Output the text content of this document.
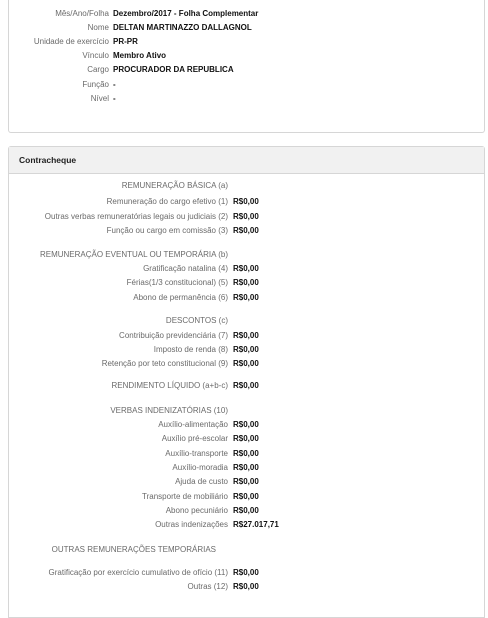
Mês/Ano/Folha Dezembro/2017 - Folha Complementar
Nome DELTAN MARTINAZZO DALLAGNOL
Unidade de exercício PR-PR
Vínculo Membro Ativo
Cargo PROCURADOR DA REPUBLICA
Função -
Nível -
Contracheque
REMUNERAÇÃO BÁSICA (a)
Remuneração do cargo efetivo (1) R$0,00
Outras verbas remuneratórias legais ou judiciais (2) R$0,00
Função ou cargo em comissão (3) R$0,00
REMUNERAÇÃO EVENTUAL OU TEMPORÁRIA (b)
Gratificação natalina (4) R$0,00
Férias(1/3 constitucional) (5) R$0,00
Abono de permanência (6) R$0,00
DESCONTOS (c)
Contribuição previdenciária (7) R$0,00
Imposto de renda (8) R$0,00
Retenção por teto constitucional (9) R$0,00
RENDIMENTO LÍQUIDO (a+b-c) R$0,00
VERBAS INDENIZATÓRIAS (10)
Auxílio-alimentação R$0,00
Auxílio pré-escolar R$0,00
Auxílio-transporte R$0,00
Auxílio-moradia R$0,00
Ajuda de custo R$0,00
Transporte de mobiliário R$0,00
Abono pecuniário R$0,00
Outras indenizações R$27.017,71
OUTRAS REMUNERAÇÕES TEMPORÁRIAS
Gratificação por exercício cumulativo de ofício (11) R$0,00
Outras (12) R$0,00
